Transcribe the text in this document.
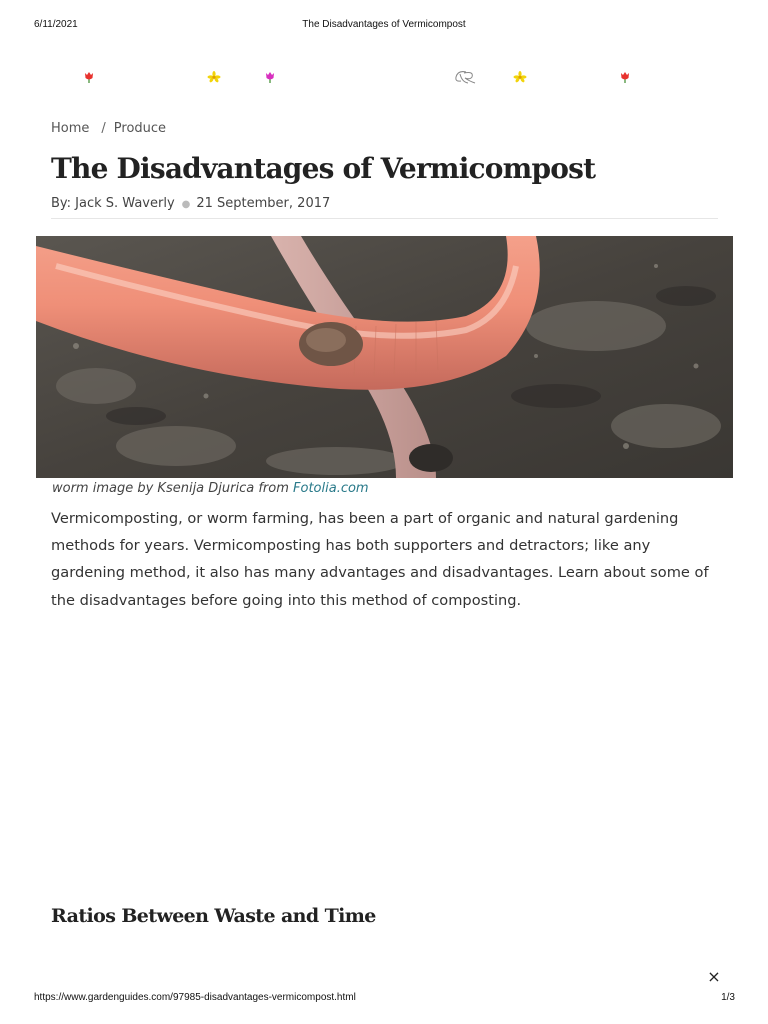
6/11/2021	The Disadvantages of Vermicompost
Home / Produce
The Disadvantages of Vermicompost
By: Jack S. Waverly ● 21 September, 2017
worm image by Ksenija Djurica from Fotolia.com

Vermicomposting, or worm farming, has been a part of organic and natural gardening methods for years. Vermicomposting has both supporters and detractors; like any gardening method, it also has many advantages and disadvantages. Learn about some of the disadvantages before going into this method of composting.

Ratios Between Waste and Time
×
https://www.gardenguides.com/97985-disadvantages-vermicompost.html	1/3
